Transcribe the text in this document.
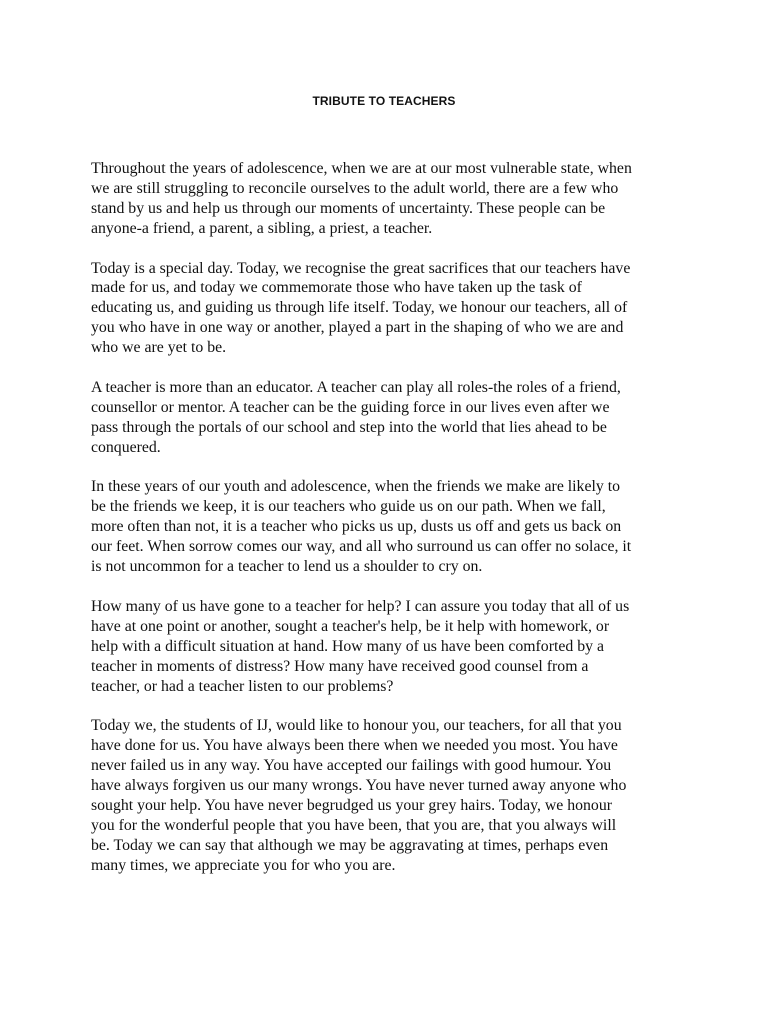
TRIBUTE TO TEACHERS

Throughout the years of adolescence, when we are at our most vulnerable state, when
we are still struggling to reconcile ourselves to the adult world, there are a few who
stand by us and help us through our moments of uncertainty. These people can be
anyone-a friend, a parent, a sibling, a priest, a teacher.

Today is a special day. Today, we recognise the great sacrifices that our teachers have
made for us, and today we commemorate those who have taken up the task of
educating us, and guiding us through life itself. Today, we honour our teachers, all of
you who have in one way or another, played a part in the shaping of who we are and
who we are yet to be.

A teacher is more than an educator. A teacher can play all roles-the roles of a friend,
counsellor or mentor. A teacher can be the guiding force in our lives even after we
pass through the portals of our school and step into the world that lies ahead to be
conquered.

In these years of our youth and adolescence, when the friends we make are likely to
be the friends we keep, it is our teachers who guide us on our path. When we fall,
more often than not, it is a teacher who picks us up, dusts us off and gets us back on
our feet. When sorrow comes our way, and all who surround us can offer no solace, it
is not uncommon for a teacher to lend us a shoulder to cry on.

How many of us have gone to a teacher for help? I can assure you today that all of us
have at one point or another, sought a teacher's help, be it help with homework, or
help with a difficult situation at hand. How many of us have been comforted by a
teacher in moments of distress? How many have received good counsel from a
teacher, or had a teacher listen to our problems?

Today we, the students of IJ, would like to honour you, our teachers, for all that you
have done for us. You have always been there when we needed you most. You have
never failed us in any way. You have accepted our failings with good humour. You
have always forgiven us our many wrongs. You have never turned away anyone who
sought your help. You have never begrudged us your grey hairs. Today, we honour
you for the wonderful people that you have been, that you are, that you always will
be. Today we can say that although we may be aggravating at times, perhaps even
many times, we appreciate you for who you are.
